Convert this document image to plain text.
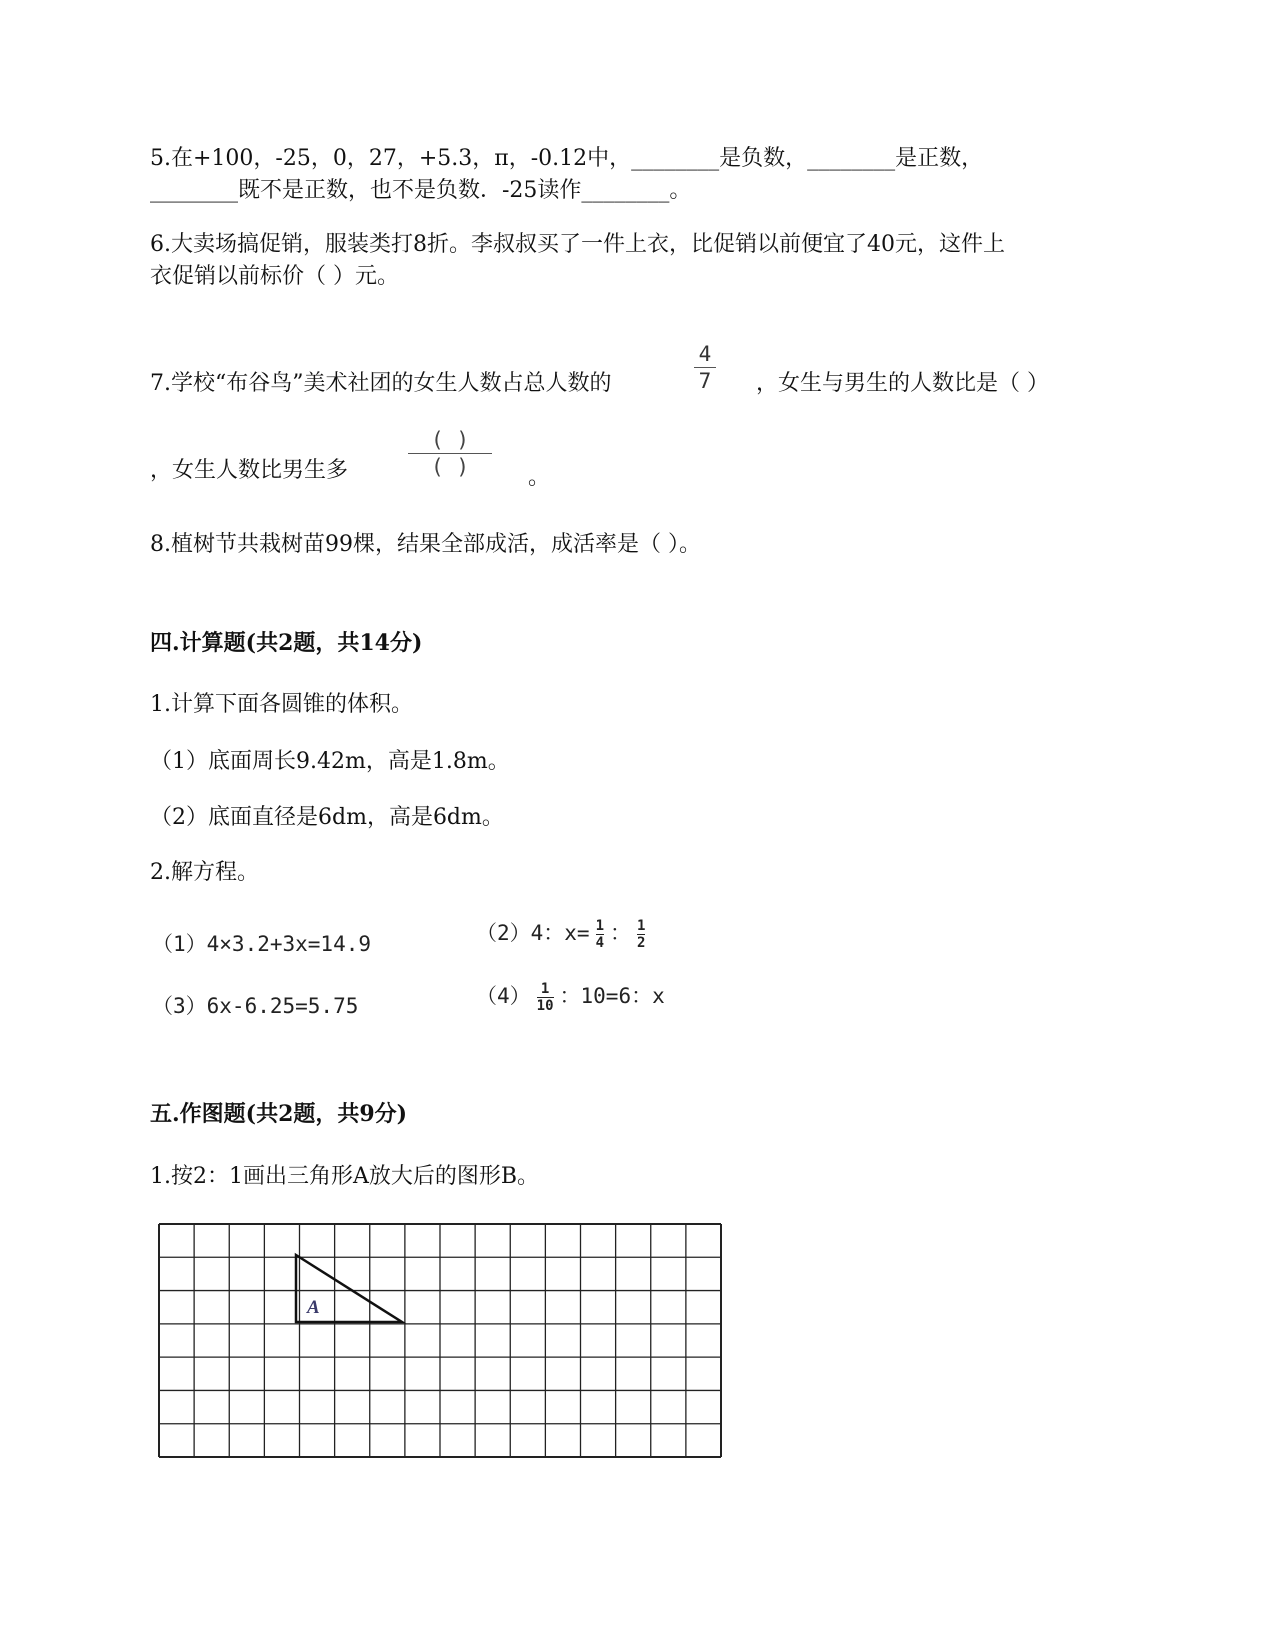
5.在+100，-25，0，27，+5.3，π，-0.12中，________是负数，________是正数，
________既不是正数，也不是负数．-25读作________。
6.大卖场搞促销，服装类打8折。李叔叔买了一件上衣，比促销以前便宜了40元，这件上
衣促销以前标价（ ）元。
7.学校“布谷鸟”美术社团的女生人数占总人数的
4
7 ，女生与男生的人数比是（ ）
，女生人数比男生多
( )
( )	。
8.植树节共栽树苗99棵，结果全部成活，成活率是（ ）。
四.计算题(共2题，共14分)
1.计算下面各圆锥的体积。
（1）底面周长9.42m，高是1.8m。
（2）底面直径是6dm，高是6dm。
2.解方程。
（1）4×3.2+3x=14.9	（2）4：$x= \frac{1}{4}$ ： $\frac{1}{2}$
（3）6x-6.25=5.75	$(4) \frac{1}{10}$ ：10=6：x
五.作图题(共2题，共9分)
1.按2：1画出三角形A放大后的图形B。
A
